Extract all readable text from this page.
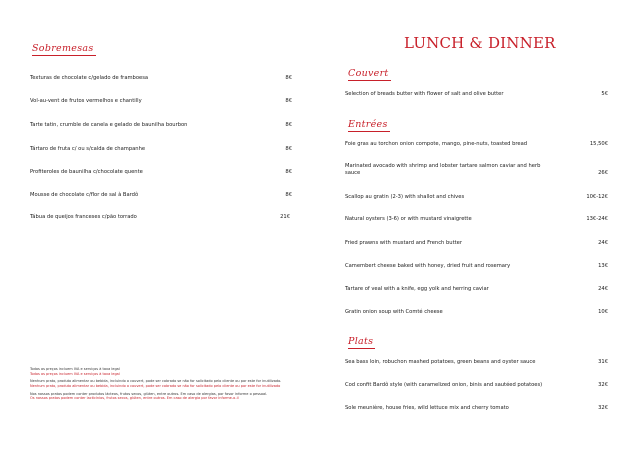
Sobremesas
Texturas de chocolate c/gelado de framboesa	8€
Vol-au-vent de frutos vermelhos e chantilly	8€
Tarte tatin, crumble de canela e gelado de baunilha bourbon	8€
Tártaro de fruta c/ ou s/calda de champanhe	8€
Profiteroles de baunilha c/chocolate quente	8€
Mousse de chocolate c/flor de sal à Bardô	8€
Tábua de queijos franceses c/pão torrado	21€
Todos os preços incluem IVA e serviços à taxa legal
Todos os preços incluem IVA e serviços à taxa legal
Nenhum prato, produto alimentar ou bebida, incluindo o couvert, pode ser cobrado se não for solicitado pelo cliente ou por este for inutilizado.
Nenhum prato, produto alimentar ou bebida, incluindo o couvert, pode ser cobrado se não for solicitado pelo cliente ou por este for inutilizado
Nos nossos pratos podem conter produtos lácteos, frutos secos, glúten, entre outros. Em caso de alergias, por favor informe o pessoal.
Os nossos pratos podem conter lacticínios, frutos secos, glúten, entre outros. Em caso de alergia por favor informe-o-il
LUNCH & DINNER
Couvert
Selection of breads butter with flower of salt and olive butter	5€
Entrées
Foie gras au torchon onion compote, mango, pine-nuts, toasted bread	15,50€
Marinated avocado with shrimp and lobster tartare salmon caviar and herb sauce	26€
Scallop au gratin (2-3) with shallot and chives	10€-12€
Natural oysters (3-6) or with mustard vinaigrette	13€-24€
Fried prawns with mustard and French butter	24€
Camembert cheese baked with honey, dried fruit and rosemary	13€
Tartare of veal with a knife, egg yolk and herring caviar	24€
Gratin onion soup with Comté cheese	10€
Plats
Sea bass loin, robuchon mashed potatoes, green beans and oyster sauce	31€
Cod confit Bardô style (with caramelized onion, binis and sautéed potatoes)	32€
Sole meunière, house fries, wild lettuce mix and cherry tomato	32€
